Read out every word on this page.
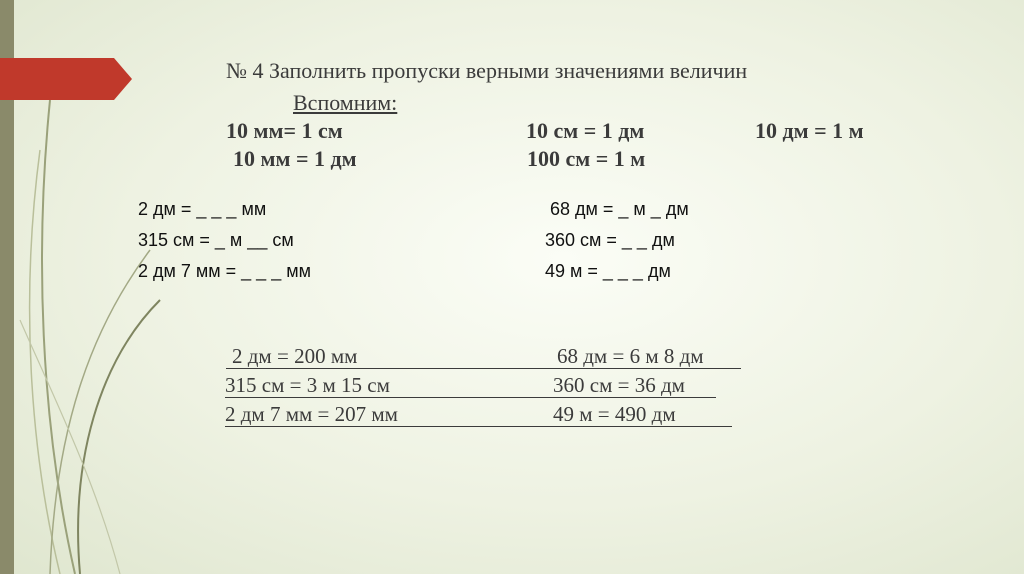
№ 4 Заполнить пропуски верными значениями величин
Вспомним:
10 мм= 1 см	10 см = 1 дм	10 дм = 1 м
10 мм = 1 дм	100 см = 1 м
2 дм = _ _ _ мм	68 дм = _ м _ дм
315 см = _ м __ см	360 см = _ _ дм
2 дм 7 мм = _ _ _ мм	49 м = _ _ _ дм
2 дм = 200 мм	68 дм = 6 м 8 дм
315 см = 3 м 15 см	360 см = 36 дм
2 дм 7 мм = 207 мм	49 м = 490 дм
